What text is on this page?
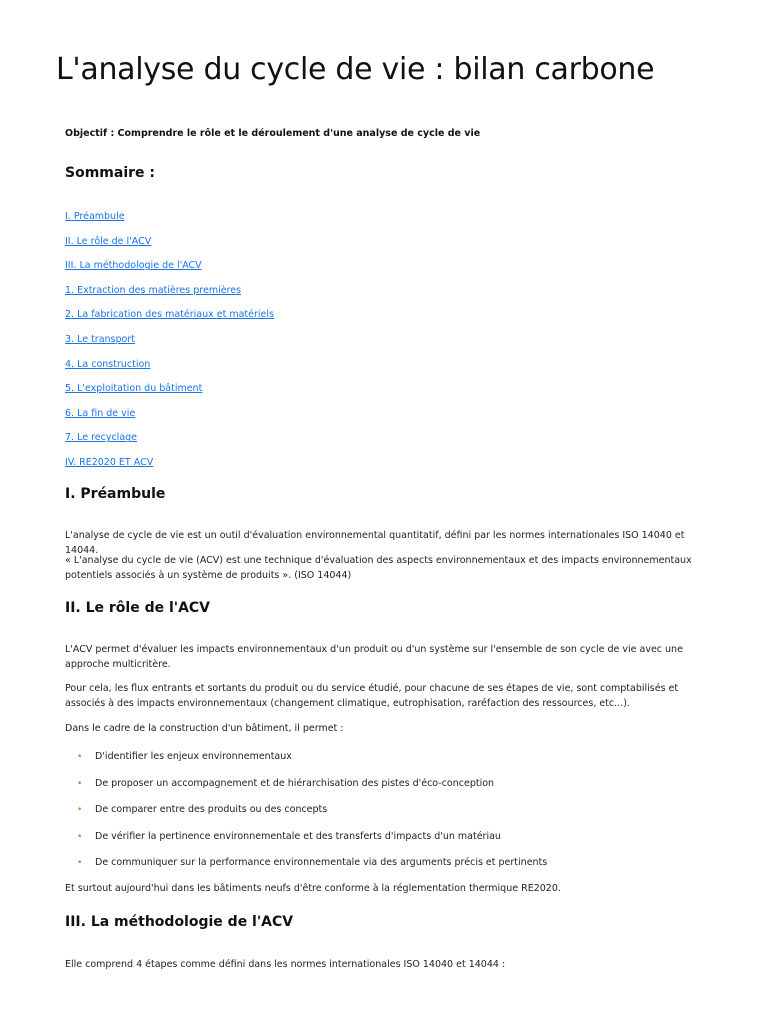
L'analyse du cycle de vie : bilan carbone
Objectif : Comprendre le rôle et le déroulement d'une analyse de cycle de vie
Sommaire :
I. Préambule
II. Le rôle de l'ACV
III. La méthodologie de l'ACV
1. Extraction des matières premières
2. La fabrication des matériaux et matériels
3. Le transport
4. La construction
5. L'exploitation du bâtiment
6. La fin de vie
7. Le recyclage
IV. RE2020 ET ACV
I. Préambule

L'analyse de cycle de vie est un outil d'évaluation environnemental quantitatif, défini par les normes internationales ISO 14040 et 14044.

« L'analyse du cycle de vie (ACV) est une technique d'évaluation des aspects environnementaux et des impacts environnementaux potentiels associés à un système de produits ». (ISO 14044)

II. Le rôle de l'ACV

L'ACV permet d'évaluer les impacts environnementaux d'un produit ou d'un système sur l'ensemble de son cycle de vie avec une approche multicritère.

Pour cela, les flux entrants et sortants du produit ou du service étudié, pour chacune de ses étapes de vie, sont comptabilisés et associés à des impacts environnementaux (changement climatique, eutrophisation, raréfaction des ressources, etc...).

Dans le cadre de la construction d'un bâtiment, il permet :

• D'identifier les enjeux environnementaux
• De proposer un accompagnement et de hiérarchisation des pistes d'éco-conception
• De comparer entre des produits ou des concepts
• De vérifier la pertinence environnementale et des transferts d'impacts d'un matériau
• De communiquer sur la performance environnementale via des arguments précis et pertinents

Et surtout aujourd'hui dans les bâtiments neufs d'être conforme à la réglementation thermique RE2020.

III. La méthodologie de l'ACV

Elle comprend 4 étapes comme défini dans les normes internationales ISO 14040 et 14044 :
